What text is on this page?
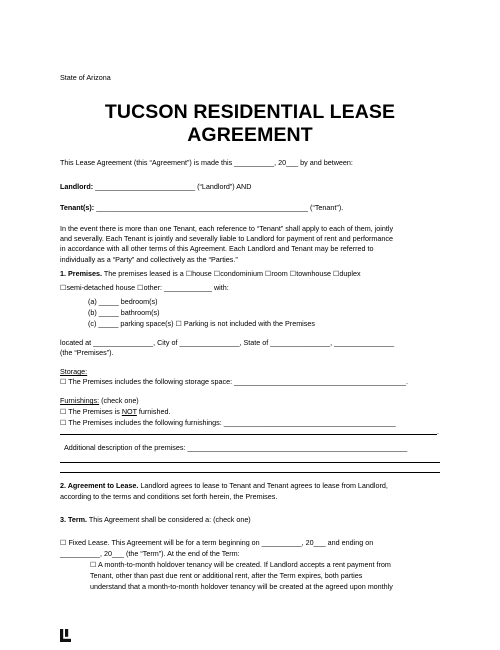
State of Arizona
TUCSON RESIDENTIAL LEASE
AGREEMENT
This Lease Agreement (this “Agreement”) is made this __________, 20___ by and between:
Landlord: _________________________ (“Landlord”) AND
Tenant(s): _____________________________________________________ (“Tenant”).
In the event there is more than one Tenant, each reference to “Tenant” shall apply to each of them, jointly
and severally. Each Tenant is jointly and severally liable to Landlord for payment of rent and performance
in accordance with all other terms of this Agreement. Each Landlord and Tenant may be referred to
individually as a “Party” and collectively as the “Parties.”
1. Premises. The premises leased is a ☐house ☐condominium ☐room ☐townhouse ☐duplex
☐semi-detached house ☐other: ____________ with:
(a) _____ bedroom(s)
(b) _____ bathroom(s)
(c) _____ parking space(s) ☐ Parking is not included with the Premises
located at _______________, City of _______________, State of _______________, _______________
(the “Premises”).
Storage:
☐ The Premises includes the following storage space: ___________________________________________.
Furnishings: (check one)
☐ The Premises is NOT furnished.
☐ The Premises includes the following furnishings: ___________________________________________
.
Additional description of the premises: _______________________________________________________
2. Agreement to Lease. Landlord agrees to lease to Tenant and Tenant agrees to lease from Landlord,
according to the terms and conditions set forth herein, the Premises.
3. Term. This Agreement shall be considered a: (check one)
☐ Fixed Lease. This Agreement will be for a term beginning on __________, 20___ and ending on
__________, 20___ (the “Term”). At the end of the Term:
☐ A month-to-month holdover tenancy will be created. If Landlord accepts a rent payment from
Tenant, other than past due rent or additional rent, after the Term expires, both parties
understand that a month-to-month holdover tenancy will be created at the agreed upon monthly
